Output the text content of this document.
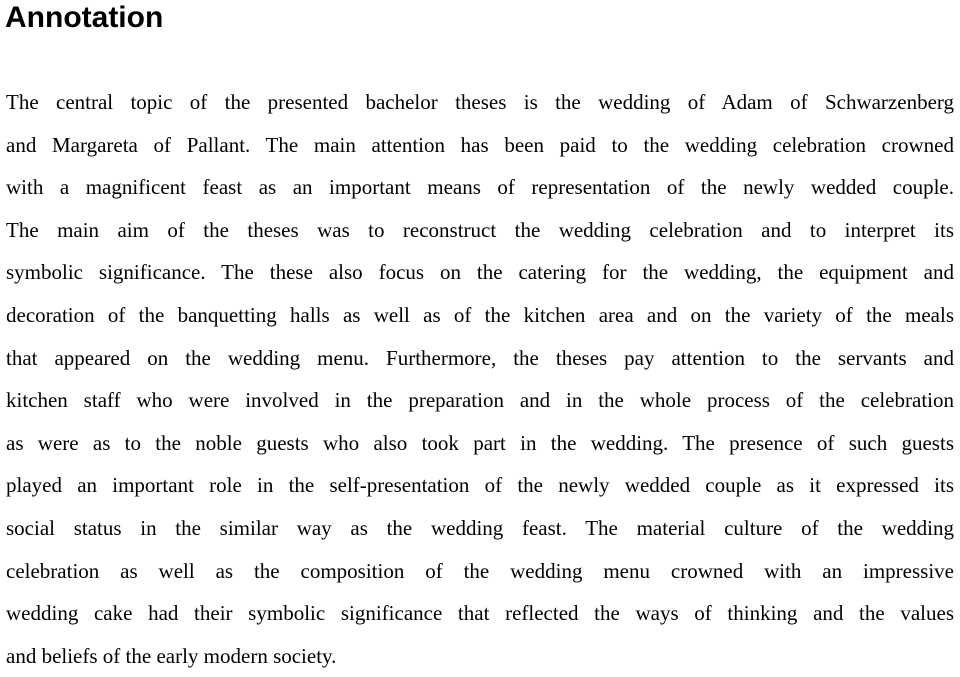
Annotation
The central topic of the presented bachelor theses is the wedding of Adam of Schwarzenberg
and Margareta of Pallant. The main attention has been paid to the wedding celebration crowned
with a magnificent feast as an important means of representation of the newly wedded couple.
The main aim of the theses was to reconstruct the wedding celebration and to interpret its
symbolic significance. The these also focus on the catering for the wedding, the equipment and
decoration of the banquetting halls as well as of the kitchen area and on the variety of the meals
that appeared on the wedding menu. Furthermore, the theses pay attention to the servants and
kitchen staff who were involved in the preparation and in the whole process of the celebration
as were as to the noble guests who also took part in the wedding. The presence of such guests
played an important role in the self-presentation of the newly wedded couple as it expressed its
social status in the similar way as the wedding feast. The material culture of the wedding
celebration as well as the composition of the wedding menu crowned with an impressive
wedding cake had their symbolic significance that reflected the ways of thinking and the values
and beliefs of the early modern society.
